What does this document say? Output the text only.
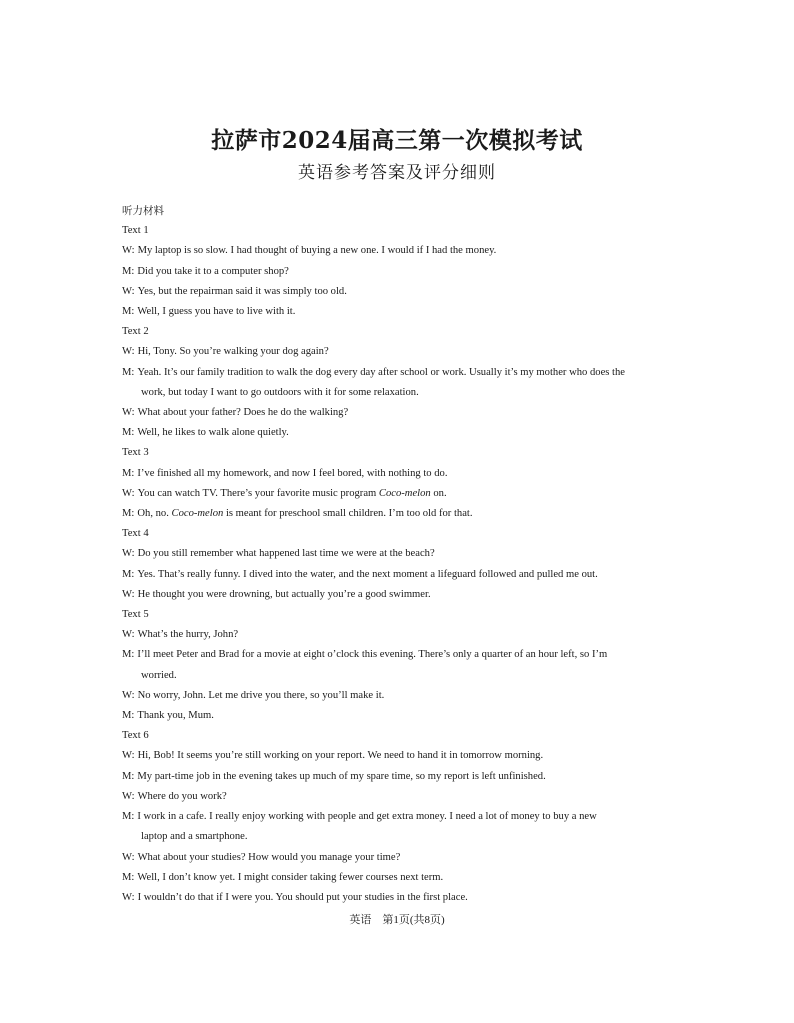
拉萨市2024届高三第一次模拟考试
英语参考答案及评分细则
听力材料
Text 1
W: My laptop is so slow. I had thought of buying a new one. I would if I had the money.
M: Did you take it to a computer shop?
W: Yes, but the repairman said it was simply too old.
M: Well, I guess you have to live with it.
Text 2
W: Hi, Tony. So you’re walking your dog again?
M: Yeah. It’s our family tradition to walk the dog every day after school or work. Usually it’s my mother who does the
work, but today I want to go outdoors with it for some relaxation.
W: What about your father? Does he do the walking?
M: Well, he likes to walk alone quietly.
Text 3
M: I’ve finished all my homework, and now I feel bored, with nothing to do.
W: You can watch TV. There’s your favorite music program Coco-melon on.
M: Oh, no. Coco-melon is meant for preschool small children. I’m too old for that.
Text 4
W: Do you still remember what happened last time we were at the beach?
M: Yes. That’s really funny. I dived into the water, and the next moment a lifeguard followed and pulled me out.
W: He thought you were drowning, but actually you’re a good swimmer.
Text 5
W: What’s the hurry, John?
M: I’ll meet Peter and Brad for a movie at eight o’clock this evening. There’s only a quarter of an hour left, so I’m
worried.
W: No worry, John. Let me drive you there, so you’ll make it.
M: Thank you, Mum.
Text 6
W: Hi, Bob! It seems you’re still working on your report. We need to hand it in tomorrow morning.
M: My part-time job in the evening takes up much of my spare time, so my report is left unfinished.
W: Where do you work?
M: I work in a cafe. I really enjoy working with people and get extra money. I need a lot of money to buy a new
laptop and a smartphone.
W: What about your studies? How would you manage your time?
M: Well, I don’t know yet. I might consider taking fewer courses next term.
W: I wouldn’t do that if I were you. You should put your studies in the first place.
英语　第1页(共8页)
